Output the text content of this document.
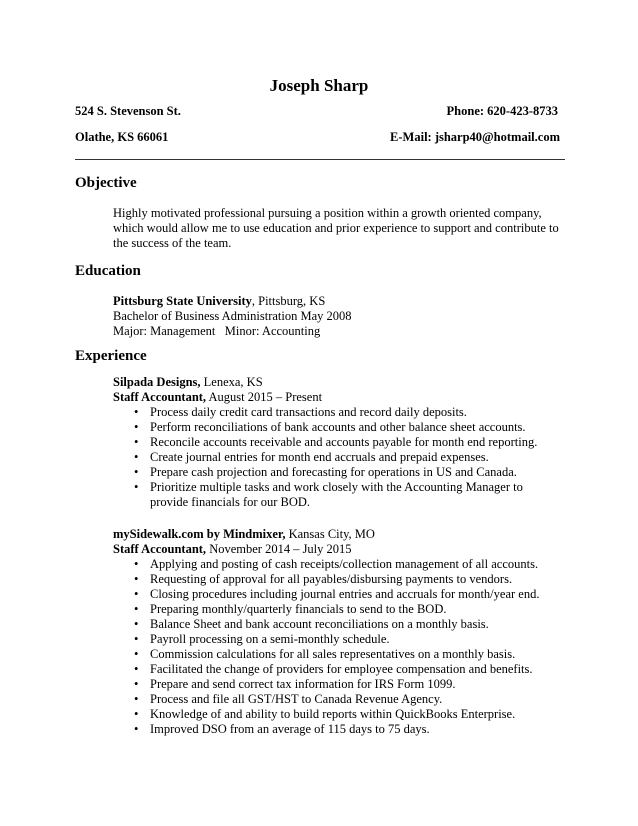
Joseph Sharp
524 S. Stevenson St.	Phone: 620-423-8733
Olathe, KS 66061	E-Mail: jsharp40@hotmail.com
Objective
Highly motivated professional pursuing a position within a growth oriented company,
which would allow me to use education and prior experience to support and contribute to
the success of the team.
Education
Pittsburg State University, Pittsburg, KS
Bachelor of Business Administration May 2008
Major: Management   Minor: Accounting
Experience
Silpada Designs, Lenexa, KS
Staff Accountant, August 2015 – Present
• Process daily credit card transactions and record daily deposits.
• Perform reconciliations of bank accounts and other balance sheet accounts.
• Reconcile accounts receivable and accounts payable for month end reporting.
• Create journal entries for month end accruals and prepaid expenses.
• Prepare cash projection and forecasting for operations in US and Canada.
• Prioritize multiple tasks and work closely with the Accounting Manager to provide financials for our BOD.
mySidewalk.com by Mindmixer, Kansas City, MO
Staff Accountant, November 2014 – July 2015
• Applying and posting of cash receipts/collection management of all accounts.
• Requesting of approval for all payables/disbursing payments to vendors.
• Closing procedures including journal entries and accruals for month/year end.
• Preparing monthly/quarterly financials to send to the BOD.
• Balance Sheet and bank account reconciliations on a monthly basis.
• Payroll processing on a semi-monthly schedule.
• Commission calculations for all sales representatives on a monthly basis.
• Facilitated the change of providers for employee compensation and benefits.
• Prepare and send correct tax information for IRS Form 1099.
• Process and file all GST/HST to Canada Revenue Agency.
• Knowledge of and ability to build reports within QuickBooks Enterprise.
• Improved DSO from an average of 115 days to 75 days.
